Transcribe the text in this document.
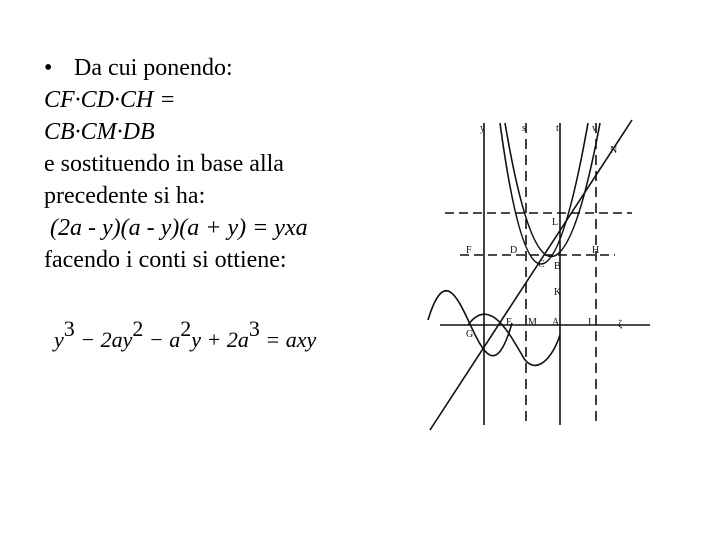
• Da cui ponendo:
CF·CD·CH =
CB·CM·DB
e sostituendo in base alla
precedente si ha:
(2a - y)(a - y)(a + y) = yxa
facendo i conti si ottiene:
$y^3 - 2ay^2 - a^2y + 2a^3$ = axy
y	s	t	v
N
L
F	D
C B
H
K
G
E M A	I	ζ
